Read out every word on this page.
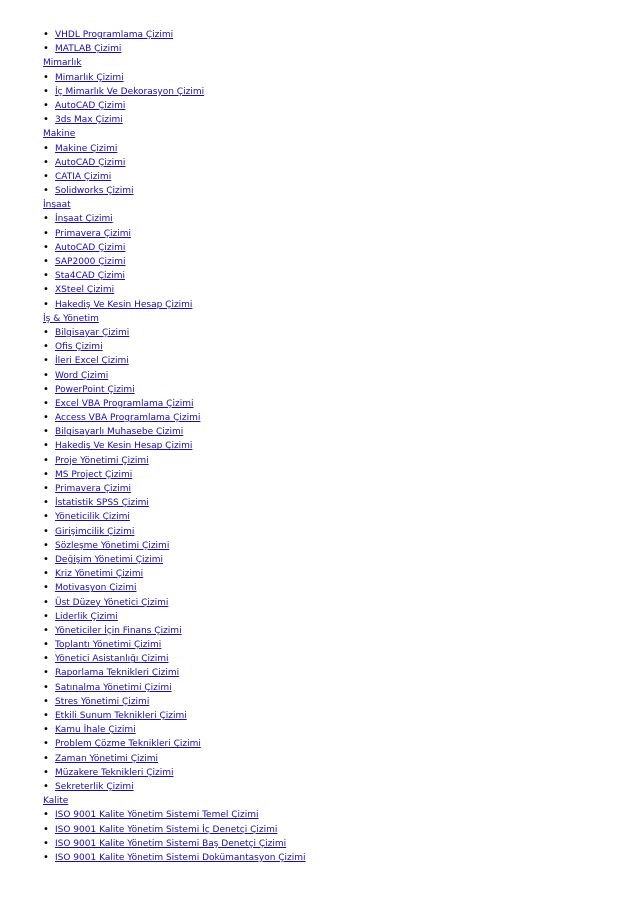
• VHDL Programlama Çizimi
• MATLAB Çizimi
Mimarlık
• Mimarlık Çizimi
• İç Mimarlık Ve Dekorasyon Çizimi
• AutoCAD Çizimi
• 3ds Max Çizimi
Makine
• Makine Çizimi
• AutoCAD Çizimi
• CATIA Çizimi
• Solidworks Çizimi
İnşaat
• İnşaat Çizimi
• Primavera Çizimi
• AutoCAD Çizimi
• SAP2000 Çizimi
• Sta4CAD Çizimi
• XSteel Çizimi
• Hakediş Ve Kesin Hesap Çizimi
İş & Yönetim
• Bilgisayar Çizimi
• Ofis Çizimi
• İleri Excel Çizimi
• Word Çizimi
• PowerPoint Çizimi
• Excel VBA Programlama Çizimi
• Access VBA Programlama Çizimi
• Bilgisayarlı Muhasebe Çizimi
• Hakediş Ve Kesin Hesap Çizimi
• Proje Yönetimi Çizimi
• MS Project Çizimi
• Primavera Çizimi
• İstatistik SPSS Çizimi
• Yöneticilik Çizimi
• Girişimcilik Çizimi
• Sözleşme Yönetimi Çizimi
• Değişim Yönetimi Çizimi
• Kriz Yönetimi Çizimi
• Motivasyon Çizimi
• Üst Düzey Yönetici Çizimi
• Liderlik Çizimi
• Yöneticiler İçin Finans Çizimi
• Toplantı Yönetimi Çizimi
• Yönetici Asistanlığı Çizimi
• Raporlama Teknikleri Çizimi
• Satınalma Yönetimi Çizimi
• Stres Yönetimi Çizimi
• Etkili Sunum Teknikleri Çizimi
• Kamu İhale Çizimi
• Problem Çözme Teknikleri Çizimi
• Zaman Yönetimi Çizimi
• Müzakere Teknikleri Çizimi
• Sekreterlik Çizimi
Kalite
• ISO 9001 Kalite Yönetim Sistemi Temel Çizimi
• ISO 9001 Kalite Yönetim Sistemi İç Denetçi Çizimi
• ISO 9001 Kalite Yönetim Sistemi Baş Denetçi Çizimi
• ISO 9001 Kalite Yönetim Sistemi Dokümantasyon Çizimi
